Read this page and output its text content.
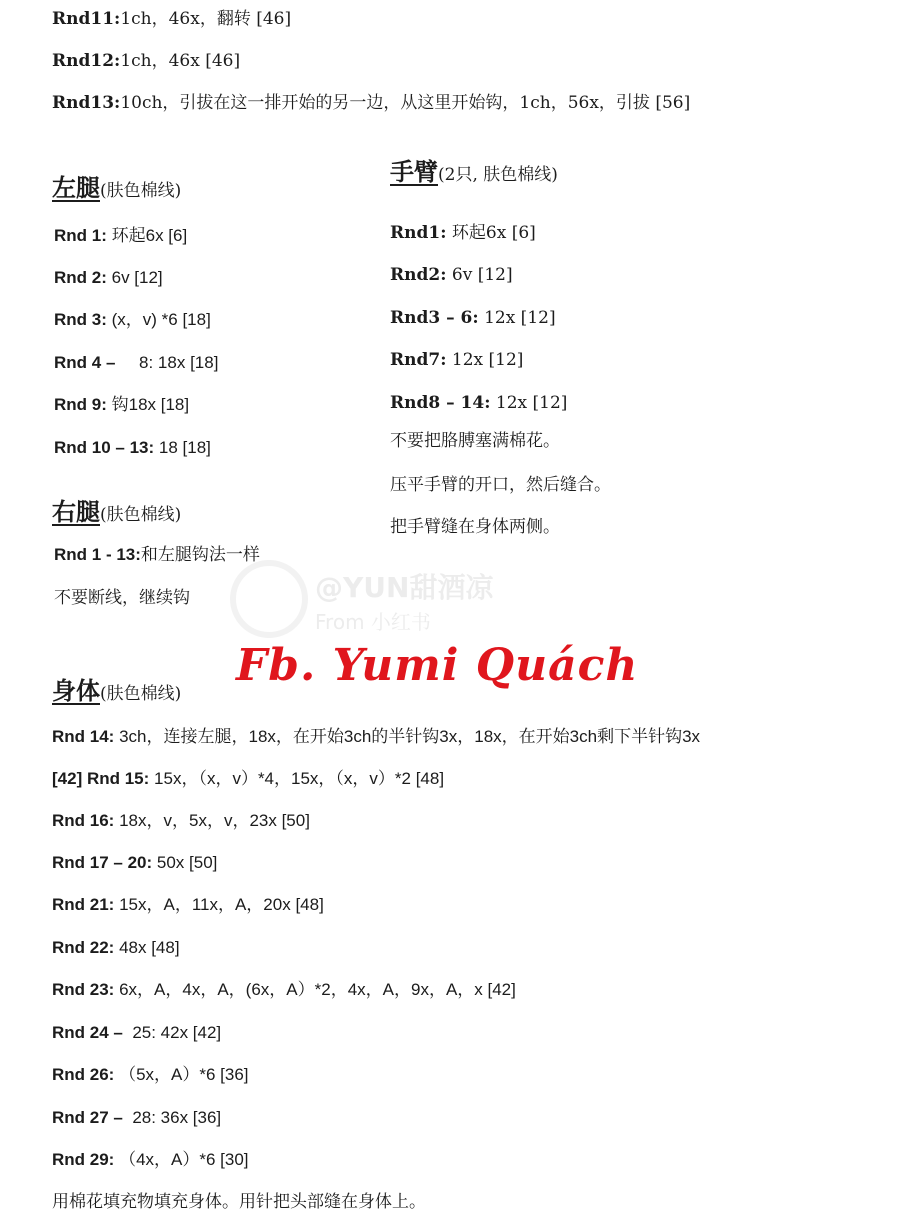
Rnd11:1ch，46x，翻转 [46]
Rnd12:1ch，46x [46]
Rnd13:10ch，引拔在这一排开始的另一边，从这里开始钩，1ch，56x，引拔 [56]
左腿(肤色棉线)
Rnd 1: 环起6x [6]
Rnd 2: 6v [12]
Rnd 3: (x，v) *6 [18]
Rnd 4 – 8: 18x [18]
Rnd 9: 钩18x [18]
Rnd 10 – 13: 18 [18]
手臂(2只, 肤色棉线)
Rnd1: 环起6x [6]
Rnd2: 6v [12]
Rnd3 – 6: 12x [12]
Rnd7: 12x [12]
Rnd8 – 14: 12x [12]
不要把胳膊塞满棉花。
压平手臂的开口，然后缝合。
把手臂缝在身体两侧。
右腿(肤色棉线)
Rnd 1 - 13:和左腿钩法一样
不要断线，继续钩	@YUN甜酒凉
From 小红书
Fb. Yumi Quách
身体(肤色棉线)
Rnd 14: 3ch，连接左腿，18x，在开始3ch的半针钩3x，18x，在开始3ch剩下半针钩3x
[42] Rnd 15: 15x，（x，v）*4，15x，（x，v）*2 [48]
Rnd 16: 18x，v，5x，v，23x [50]
Rnd 17 – 20: 50x [50]
Rnd 21: 15x，A，11x，A，20x [48]
Rnd 22: 48x [48]
Rnd 23: 6x，A，4x，A，(6x，A）*2，4x，A，9x，A，x [42]
Rnd 24 – 25: 42x [42]
Rnd 26: （5x，A）*6 [36]
Rnd 27 – 28: 36x [36]
Rnd 29: （4x，A）*6 [30]
用棉花填充物填充身体。用针把头部缝在身体上。
